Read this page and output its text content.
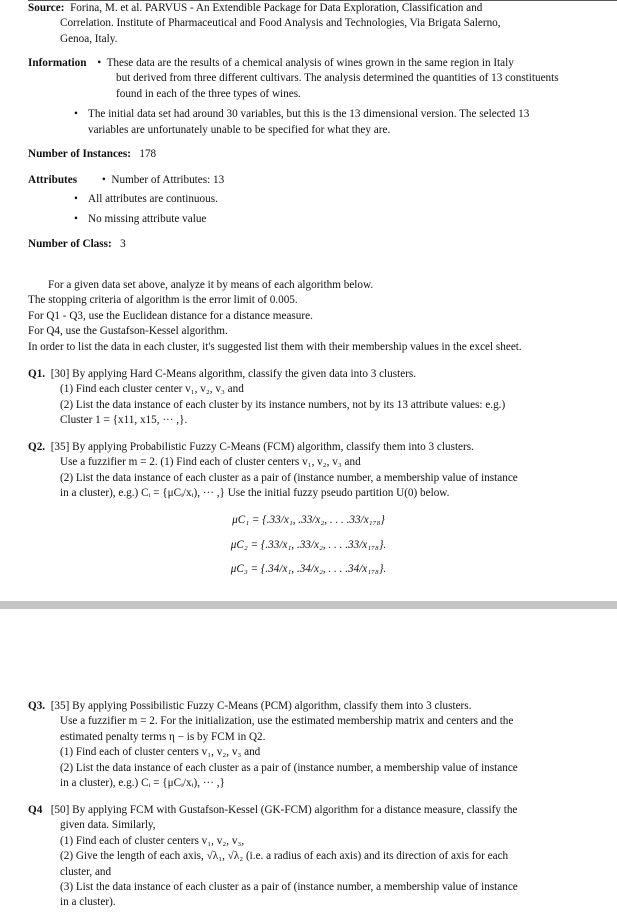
Source: Forina, M. et al. PARVUS - An Extendible Package for Data Exploration, Classification and
Correlation. Institute of Pharmaceutical and Food Analysis and Technologies, Via Brigata Salerno,
Genoa, Italy.
Information • These data are the results of a chemical analysis of wines grown in the same region in Italy
but derived from three different cultivars. The analysis determined the quantities of 13 constituents
found in each of the three types of wines.
• The initial data set had around 30 variables, but this is the 13 dimensional version. The selected 13
variables are unfortunately unable to be specified for what they are.
Number of Instances: 178
Attributes • Number of Attributes: 13
• All attributes are continuous.
• No missing attribute value
Number of Class: 3
For a given data set above, analyze it by means of each algorithm below.
The stopping criteria of algorithm is the error limit of 0.005.
For Q1 - Q3, use the Euclidean distance for a distance measure.
For Q4, use the Gustafson-Kessel algorithm.
In order to list the data in each cluster, it's suggested list them with their membership values in the excel sheet.
Q1. [30] By applying Hard C-Means algorithm, classify the given data into 3 clusters.
(1) Find each cluster center v₁, v₂, v₃ and
(2) List the data instance of each cluster by its instance numbers, not by its 13 attribute values: e.g.)
Cluster 1 = {x11, x15, ··· ,}.
Q2. [35] By applying Probabilistic Fuzzy C-Means (FCM) algorithm, classify them into 3 clusters.
Use a fuzzifier m = 2. (1) Find each of cluster centers v₁, v₂, v₃ and
(2) List the data instance of each cluster as a pair of (instance number, a membership value of instance
in a cluster), e.g.) Cᵢ = {μCᵢ/xᵢ), ··· ,} Use the initial fuzzy pseudo partition U(0) below.
μC₁ = {.33/x₁, .33/x₂, . . . .33/x₁₇₈}
μC₂ = {.33/x₁, .33/x₂, . . . .33/x₁₇₈}.
μC₃ = {.34/x₁, .34/x₂, . . . .34/x₁₇₈}.
Q3. [35] By applying Possibilistic Fuzzy C-Means (PCM) algorithm, classify them into 3 clusters.
Use a fuzzifier m = 2. For the initialization, use the estimated membership matrix and centers and the
estimated penalty terms η − is by FCM in Q2.
(1) Find each of cluster centers v₁, v₂, v₃ and
(2) List the data instance of each cluster as a pair of (instance number, a membership value of instance
in a cluster), e.g.) Cᵢ = {μCᵢ/xᵢ), ··· ,}
Q4 [50] By applying FCM with Gustafson-Kessel (GK-FCM) algorithm for a distance measure, classify the
given data. Similarly,
(1) Find each of cluster centers v₁, v₂, v₃,
(2) Give the length of each axis, √λ₁, √λ₂ (i.e. a radius of each axis) and its direction of axis for each
cluster, and
(3) List the data instance of each cluster as a pair of (instance number, a membership value of instance
in a cluster).
